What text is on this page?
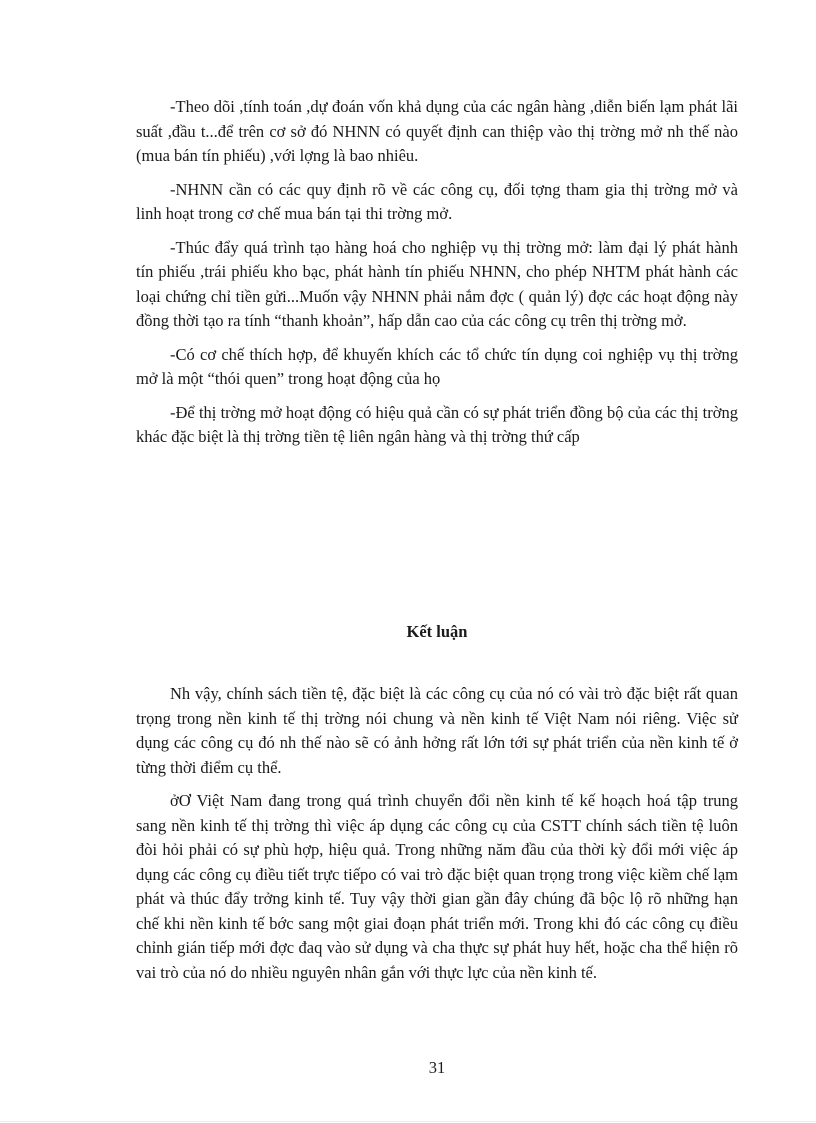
-Theo dõi ,tính toán ,dự đoán vốn khả dụng của các ngân hàng ,diễn biến lạm phát lãi suất ,đầu t...để trên cơ sở đó NHNN có quyết định can thiệp vào thị trờng mở nh thế nào (mua bán tín phiếu) ,với lợng là bao nhiêu.

-NHNN cần có các quy định rõ về các công cụ, đối tợng tham gia thị trờng mở và linh hoạt trong cơ chế mua bán tại thi trờng mở.

-Thúc đẩy quá trình tạo hàng hoá cho nghiệp vụ thị trờng mở: làm đại lý phát hành tín phiếu ,trái phiếu kho bạc, phát hành tín phiếu NHNN, cho phép NHTM phát hành các loại chứng chỉ tiền gửi...Muốn vậy NHNN phải nắm đợc ( quản lý) đợc các hoạt động này đồng thời tạo ra tính “thanh khoản”, hấp dẫn cao của các công cụ trên thị trờng mở.

-Có cơ chế thích hợp, để khuyến khích các tổ chức tín dụng coi nghiệp vụ thị trờng mở là một “thói quen” trong hoạt động của họ

-Để thị trờng mở hoạt động có hiệu quả cần có sự phát triển đồng bộ của các thị trờng khác đặc biệt là thị trờng tiền tệ liên ngân hàng và thị trờng thứ cấp

Kết luận

Nh vậy, chính sách tiền tệ, đặc biệt là các công cụ của nó có vài trò đặc biệt rất quan trọng trong nền kinh tế thị trờng nói chung và nền kinh tế Việt Nam nói riêng. Việc sử dụng các công cụ đó nh thế nào sẽ có ảnh hởng rất lớn tới sự phát triển của nền kinh tế ở từng thời điểm cụ thể.

ởƠ Việt Nam đang trong quá trình chuyển đổi nền kinh tế kế hoạch hoá tập trung sang nền kinh tế thị trờng thì việc áp dụng các công cụ của CSTT chính sách tiền tệ luôn đòi hỏi phải có sự phù hợp, hiệu quả. Trong những năm đầu của thời kỳ đổi mới việc áp dụng các công cụ điều tiết trực tiếpo có vai trò đặc biệt quan trọng trong việc kiềm chế lạm phát và thúc đẩy trởng kinh tế. Tuy vậy thời gian gần đây chúng đã bộc lộ rõ những hạn chế khi nền kinh tế bớc sang một giai đoạn phát triển mới. Trong khi đó các công cụ điều chỉnh gián tiếp mới đợc đaq vào sử dụng và cha thực sự phát huy hết, hoặc cha thể hiện rõ vai trò của nó do nhiều nguyên nhân gắn với thực lực của nền kinh tế.

31
